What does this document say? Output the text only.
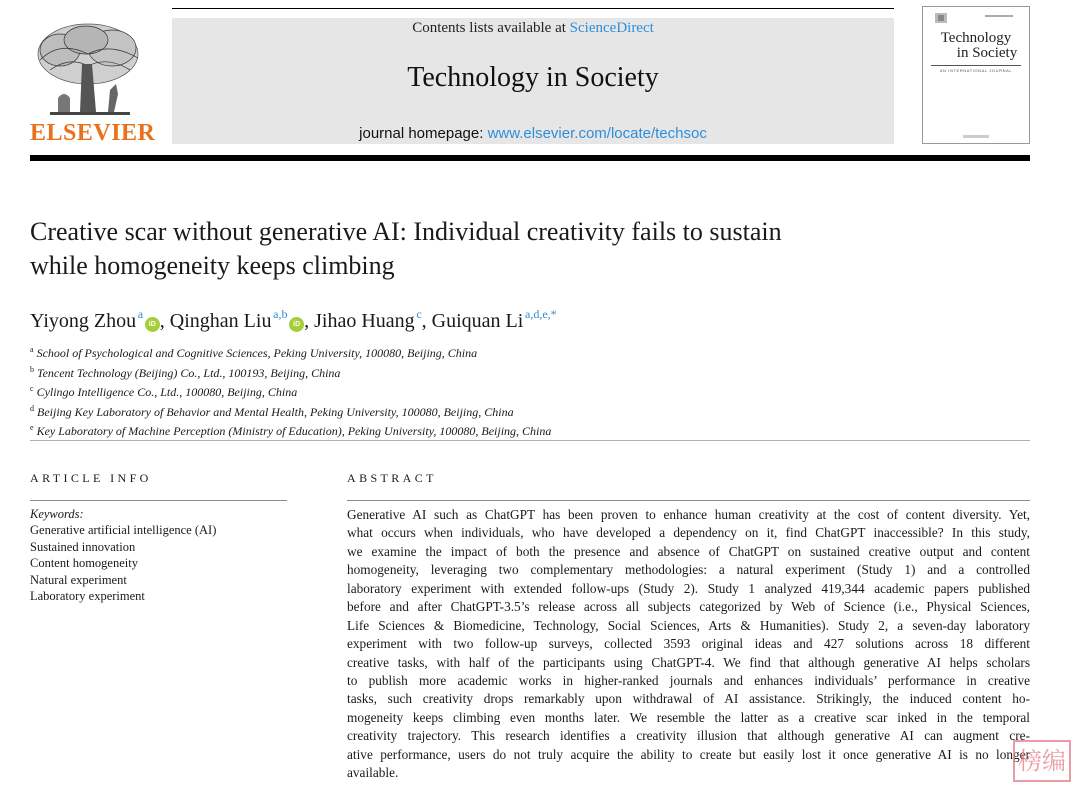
ELSEVIER
Contents lists available at ScienceDirect
Technology in Society
journal homepage: www.elsevier.com/locate/techsoc
Technology
in Society
AN INTERNATIONAL JOURNAL
Creative scar without generative AI: Individual creativity fails to sustain
while homogeneity keeps climbing
Yiyong Zhou  $^a$ iD , Qinghan Liu  $^{a,b}$ iD , Jihao Huang  $^c$, Guiquan Li  $^{a,d,e,*}$
$^a$ School of Psychological and Cognitive Sciences, Peking University, 100080, Beijing, China
$^b$ Tencent Technology (Beijing) Co., Ltd., 100193, Beijing, China
$^c$ Cylingo Intelligence Co., Ltd., 100080, Beijing, China
$^d$ Beijing Key Laboratory of Behavior and Mental Health, Peking University, 100080, Beijing, China
$^e$ Key Laboratory of Machine Perception (Ministry of Education), Peking University, 100080, Beijing, China
ARTICLE INFO
Keywords:
Generative artificial intelligence (AI)
Sustained innovation
Content homogeneity
Natural experiment
Laboratory experiment
ABSTRACT
Generative AI such as ChatGPT has been proven to enhance human creativity at the cost of content diversity. Yet,
what occurs when individuals, who have developed a dependency on it, find ChatGPT inaccessible? In this study,
we examine the impact of both the presence and absence of ChatGPT on sustained creative output and content
homogeneity, leveraging two complementary methodologies: a natural experiment (Study 1) and a controlled
laboratory experiment with extended follow-ups (Study 2). Study 1 analyzed 419,344 academic papers published
before and after ChatGPT-3.5’s release across all subjects categorized by Web of Science (i.e., Physical Sciences,
Life Sciences & Biomedicine, Technology, Social Sciences, Arts & Humanities). Study 2, a seven-day laboratory
experiment with two follow-up surveys, collected 3593 original ideas and 427 solutions across 18 different
creative tasks, with half of the participants using ChatGPT-4. We find that although generative AI helps scholars
to publish more academic works in higher-ranked journals and enhances individuals’ performance in creative
tasks, such creativity drops remarkably upon withdrawal of AI assistance. Strikingly, the induced content ho-
mogeneity keeps climbing even months later. We resemble the latter as a creative scar inked in the temporal
creativity trajectory. This research identifies a creativity illusion that although generative AI can augment cre-
ative performance, users do not truly acquire the ability to create but easily lost it once generative AI is no longer
available.	榜编
